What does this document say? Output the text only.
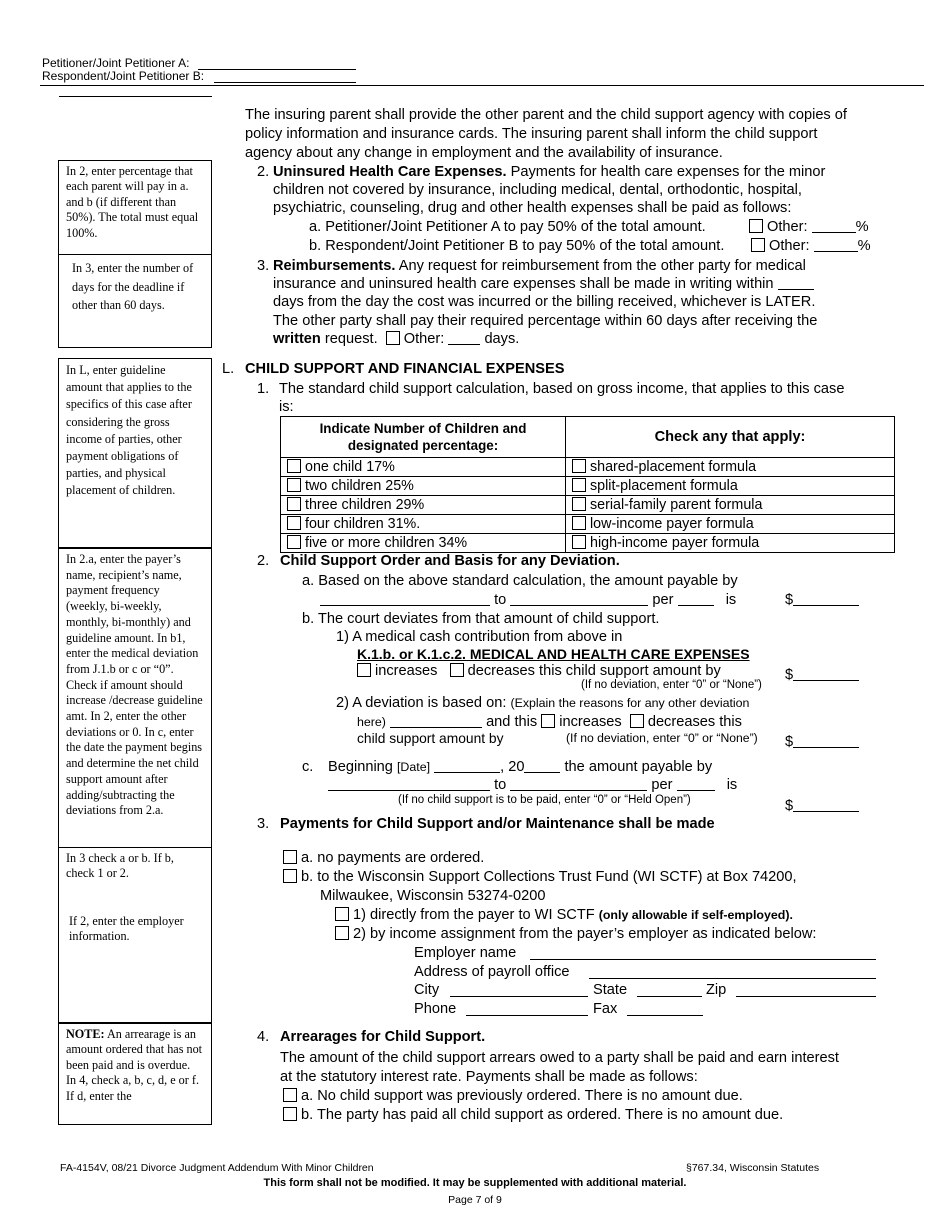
Petitioner/Joint Petitioner A:
Respondent/Joint Petitioner B:
In 2, enter percentage that each parent will pay in a. and b (if different than 50%). The total must equal 100%.
In 3, enter the number of days for the deadline if other than 60 days.
In L, enter guideline amount that applies to the specifics of this case after considering the gross income of parties, other payment obligations of parties, and physical placement of children.
In 2.a, enter the payer’s name, recipient’s name, payment frequency (weekly, bi-weekly, monthly, bi-monthly) and guideline amount. In b1, enter the medical deviation from J.1.b or c or “0”. Check if amount should increase /decrease guideline amt. In 2, enter the other deviations or 0. In c, enter the date the payment begins and determine the net child support amount after adding/subtracting the deviations from 2.a.
In 3 check a or b. If b, check 1 or 2.
If 2, enter the employer information.
NOTE: An arrearage is an amount ordered that has not been paid and is overdue.
In 4, check a, b, c, d, e or f. If d, enter the
The insuring parent shall provide the other parent and the child support agency with copies of
policy information and insurance cards. The insuring parent shall inform the child support
agency about any change in employment and the availability of insurance.
2. Uninsured Health Care Expenses. Payments for health care expenses for the minor
children not covered by insurance, including medical, dental, orthodontic, hospital,
psychiatric, counseling, drug and other health expenses shall be paid as follows:
a. Petitioner/Joint Petitioner A to pay 50% of the total amount.	Other:	%
b. Respondent/Joint Petitioner B to pay 50% of the total amount.	Other:	%
3. Reimbursements. Any request for reimbursement from the other party for medical
insurance and uninsured health care expenses shall be made in writing within
days from the day the cost was incurred or the billing received, whichever is LATER.
The other party shall pay their required percentage within 60 days after receiving the
written request. Other:	days.
L. CHILD SUPPORT AND FINANCIAL EXPENSES
1. The standard child support calculation, based on gross income, that applies to this case
is:
Indicate Number of Children and designated percentage:	Check any that apply:
one child 17%	shared-placement formula
two children 25%	split-placement formula
three children 29%	serial-family parent formula
four children 31%.	low-income payer formula
five or more children 34%	high-income payer formula
2. Child Support Order and Basis for any Deviation.
a. Based on the above standard calculation, the amount payable by
to	per	is	$
b. The court deviates from that amount of child support.
1) A medical cash contribution from above in
K.1.b. or K.1.c.2. MEDICAL AND HEALTH CARE EXPENSES
increases decreases this child support amount by
(If no deviation, enter “0” or “None”)
$
2) A deviation is based on: (Explain the reasons for any other deviation
here)	and this increases decreases this
child support amount by	(If no deviation, enter “0” or “None”) $
c. Beginning [Date]	, 20 the amount payable by
to	per	is
(If no child support is to be paid, enter “0” or “Held Open”)	$
3. Payments for Child Support and/or Maintenance shall be made
a. no payments are ordered.
b. to the Wisconsin Support Collections Trust Fund (WI SCTF) at Box 74200,
Milwaukee, Wisconsin 53274-0200
1) directly from the payer to WI SCTF (only allowable if self-employed).
2) by income assignment from the payer’s employer as indicated below:
Employer name
Address of payroll office
City	State	Zip
Phone	Fax
4. Arrearages for Child Support.
The amount of the child support arrears owed to a party shall be paid and earn interest
at the statutory interest rate. Payments shall be made as follows:
a. No child support was previously ordered. There is no amount due.
b. The party has paid all child support as ordered. There is no amount due.
FA-4154V, 08/21 Divorce Judgment Addendum With Minor Children	§767.34, Wisconsin Statutes
This form shall not be modified. It may be supplemented with additional material.
Page 7 of 9
